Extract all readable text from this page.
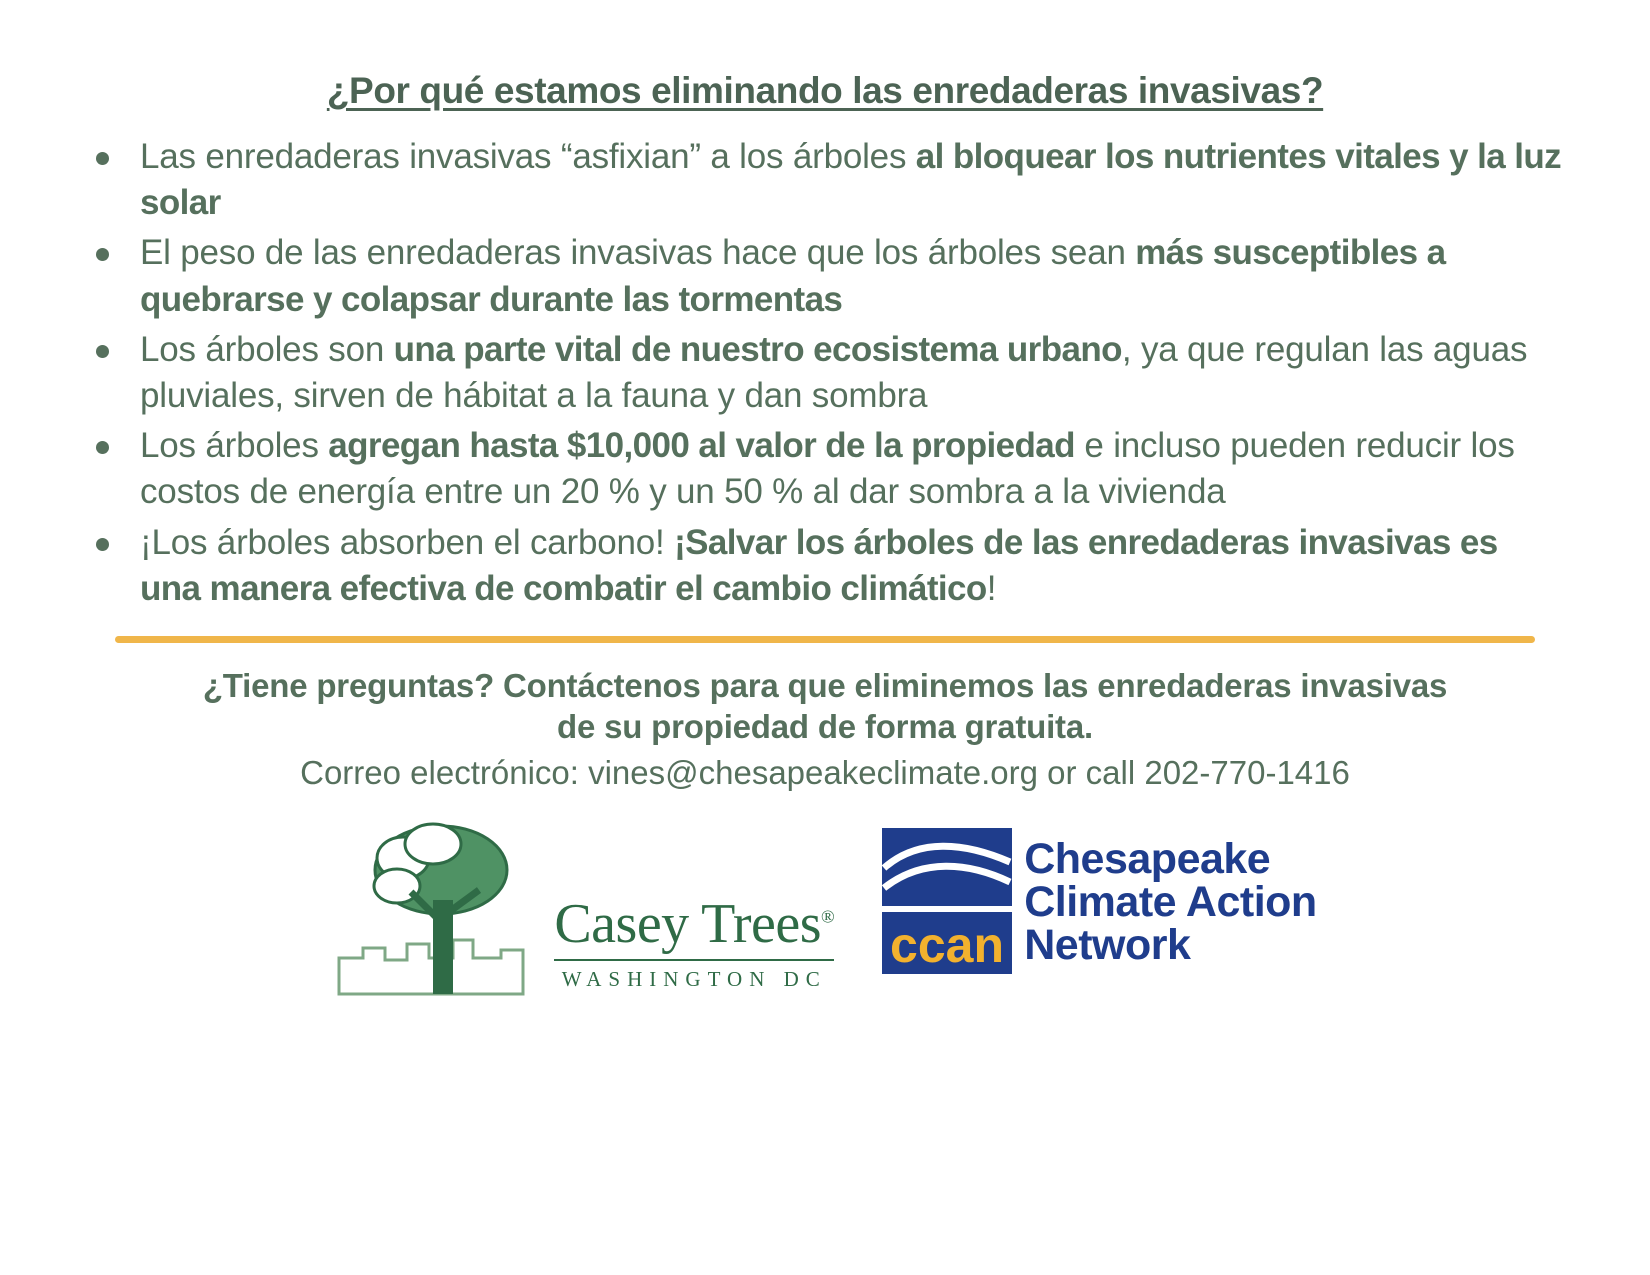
¿Por qué estamos eliminando las enredaderas invasivas?
Las enredaderas invasivas “asfixian” a los árboles al bloquear los nutrientes vitales y la luz solar
El peso de las enredaderas invasivas hace que los árboles sean más susceptibles a quebrarse y colapsar durante las tormentas
Los árboles son una parte vital de nuestro ecosistema urbano, ya que regulan las aguas pluviales, sirven de hábitat a la fauna y dan sombra
Los árboles agregan hasta $10,000 al valor de la propiedad e incluso pueden reducir los costos de energía entre un 20 % y un 50 % al dar sombra a la vivienda
¡Los árboles absorben el carbono! ¡Salvar los árboles de las enredaderas invasivas es una manera efectiva de combatir el cambio climático!
¿Tiene preguntas? Contáctenos para que eliminemos las enredaderas invasivas de su propiedad de forma gratuita.
Correo electrónico: vines@chesapeakeclimate.org or call 202-770-1416
Casey Trees®
WASHINGTON DC
ccan
Chesapeake
Climate Action
Network
